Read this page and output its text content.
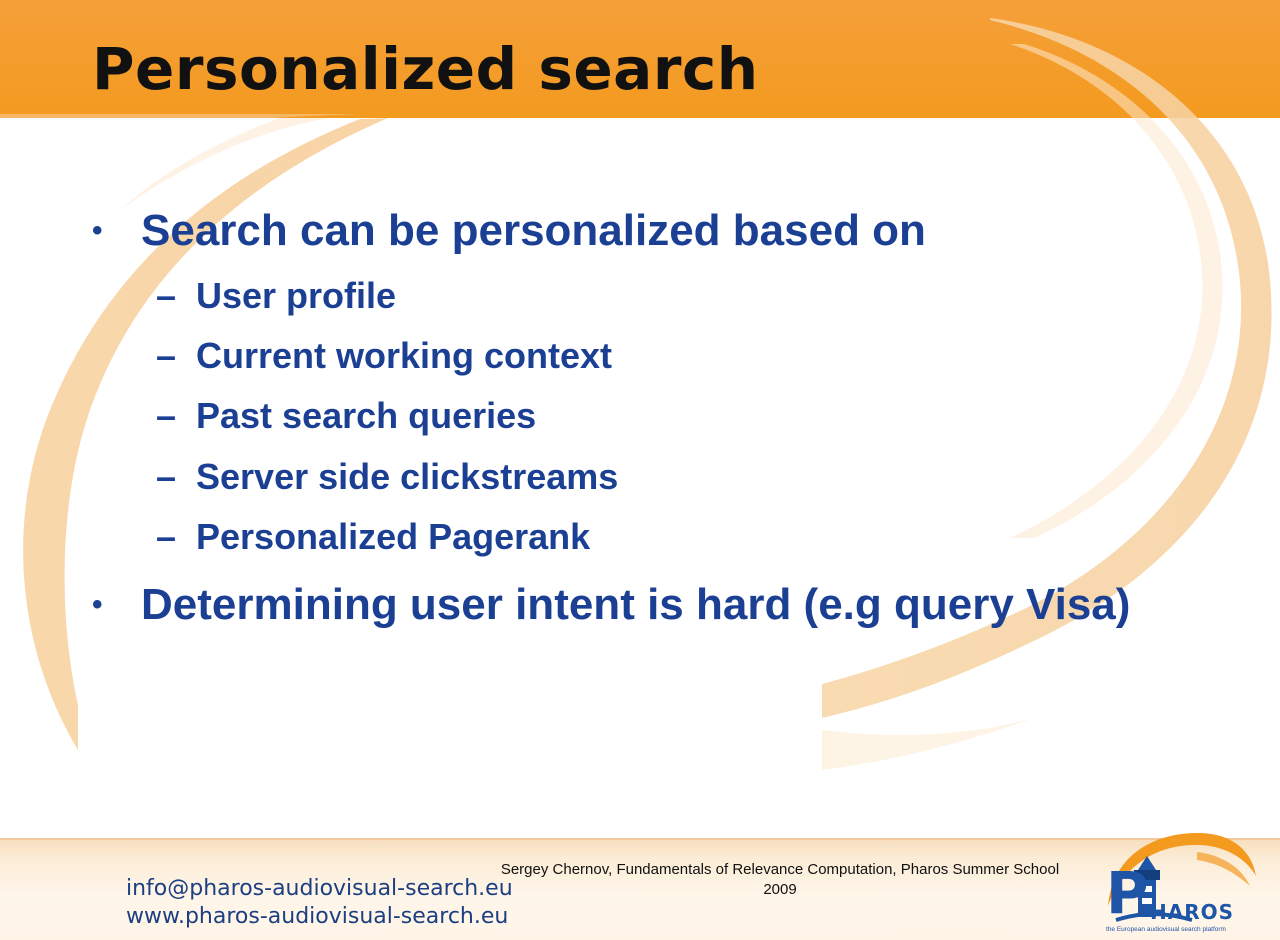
Personalized search
• Search can be personalized based on
– User profile
– Current working context
– Past search queries
– Server side clickstreams
– Personalized Pagerank
• Determining user intent is hard (e.g query Visa)
info@pharos-audiovisual-search.eu
www.pharos-audiovisual-search.eu
Sergey Chernov, Fundamentals of Relevance Computation, Pharos Summer School 2009	P HAROS
the European audiovisual search platform
